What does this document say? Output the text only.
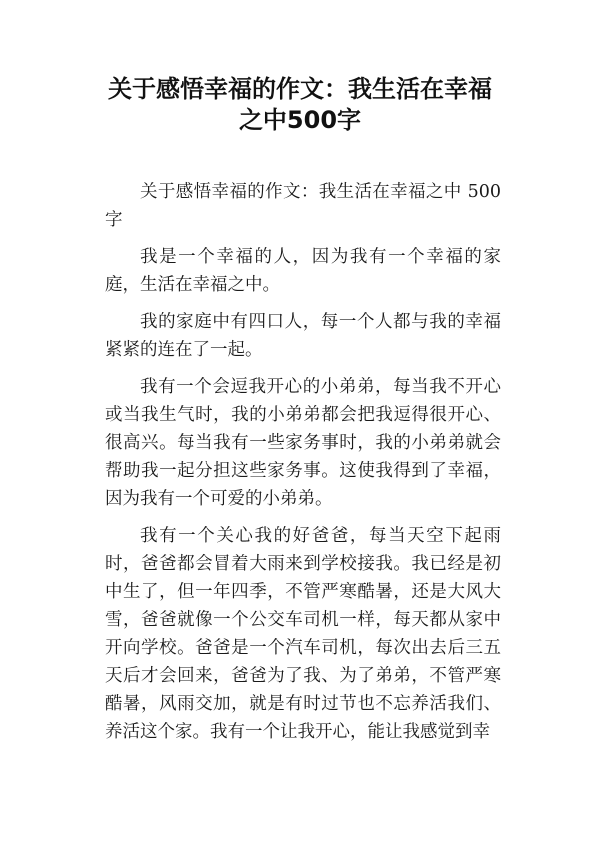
关于感悟幸福的作文：我生活在幸福
之中500字

关于感悟幸福的作文：我生活在幸福之中 500 字

我是一个幸福的人，因为我有一个幸福的家庭，生活在幸福之中。

我的家庭中有四口人，每一个人都与我的幸福紧紧的连在了一起。

我有一个会逗我开心的小弟弟，每当我不开心或当我生气时，我的小弟弟都会把我逗得很开心、很高兴。每当我有一些家务事时，我的小弟弟就会帮助我一起分担这些家务事。这使我得到了幸福，因为我有一个可爱的小弟弟。

我有一个关心我的好爸爸，每当天空下起雨时，爸爸都会冒着大雨来到学校接我。我已经是初中生了，但一年四季，不管严寒酷暑，还是大风大雪，爸爸就像一个公交车司机一样，每天都从家中开向学校。爸爸是一个汽车司机，每次出去后三五天后才会回来，爸爸为了我、为了弟弟，不管严寒酷暑，风雨交加，就是有时过节也不忘养活我们、养活这个家。我有一个让我开心，能让我感觉到幸
